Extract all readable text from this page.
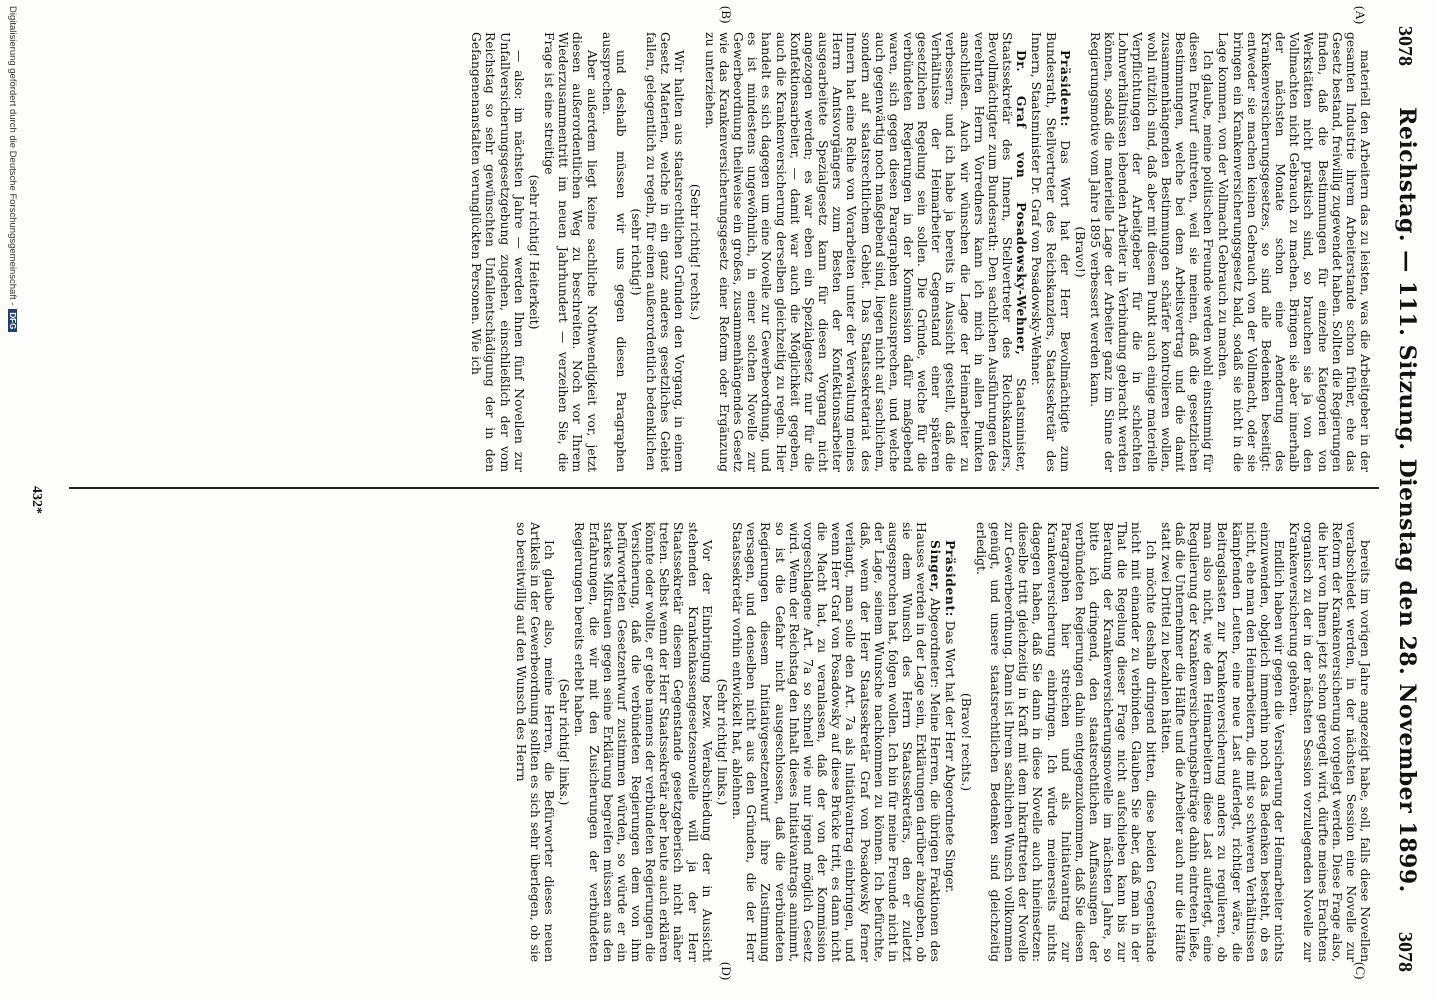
3078
Reichstag. — 111. Sitzung. Dienstag den 28. November 1899.
3078
(A)
(B)
(C)
(D)

materiell den Arbeitern das zu leisten, was die Arbeitgeber in der gesamten Industrie ihrem Arbeiterstande schon früher, ehe das Gesetz bestand, freiwillig zugewendet haben. Sollten die Regierungen finden, daß die Bestimmungen für einzelne Kategorien von Werkstätten nicht praktisch sind, so brauchen sie ja von den Vollmachten nicht Gebrauch zu machen. Bringen sie aber innerhalb der nächsten Monate schon eine Aenderung des Krankenversicherungsgesetzes, so sind alle Bedenken beseitigt: entweder sie machen keinen Gebrauch von der Vollmacht, oder sie bringen ein Krankenversicherungsgesetz bald, sodaß sie nicht in die Lage kommen, von der Vollmacht Gebrauch zu machen.

Ich glaube, meine politischen Freunde werden wohl einstimmig für diesen Entwurf eintreten, weil sie meinen, daß die gesetzlichen Bestimmungen, welche bei dem Arbeitsvertrag und die damit zusammenhängenden Bestimmungen schärfer kontrolieren wollen, wohl nützlich sind, daß aber mit diesem Punkt auch einige materielle Verpflichtungen der Arbeitgeber für die in schlechten Lohnverhältnissen lebenden Arbeiter in Verbindung gebracht werden können, sodaß die materielle Lage der Arbeiter ganz im Sinne der Regierungsmotive vom Jahre 1895 verbessert werden kann.

(Bravo!)

Präsident: Das Wort hat der Herr Bevollmächtigte zum Bundesrath, Stellvertreter des Reichskanzlers, Staatssekretär des Innern, Staatsminister Dr. Graf von Posadowsky-Wehner.

Dr. Graf von Posadowsky-Wehner, Staatsminister, Staatssekretär des Innern, Stellvertreter des Reichskanzlers, Bevollmächtigter zum Bundesrath: Den sachlichen Ausführungen des verehrten Herrn Vorredners kann ich mich in allen Punkten anschließen. Auch wir wünschen die Lage der Heimarbeiter zu verbessern; und ich habe ja bereits in Aussicht gestellt, daß die Verhältnisse der Heimarbeiter Gegenstand einer späteren gesetzlichen Regelung sein sollen. Die Gründe, welche für die verbündeten Regierungen in der Kommission dafür maßgebend waren, sich gegen diesen Paragraphen auszusprechen, und welche auch gegenwärtig noch maßgebend sind, liegen nicht auf sachlichem, sondern auf staatsrechtlichem Gebiet. Das Staatssekretariat des Innern hat eine Reihe von Vorarbeiten unter der Verwaltung meines Herrn Amtsvorgängers zum Besten der Konfektionsarbeiter ausgearbeitete Spezialgesetz kann für diesen Vorgang nicht angezogen werden; es war eben ein Spezialgesetz nur für die Konfektionsarbeiter, — damit war auch die Möglichkeit gegeben, auch die Krankenversicherung derselben gleichzeitig zu regeln. Hier handelt es sich dagegen um eine Novelle zur Gewerbeordnung, und es ist mindestens ungewöhnlich, in einer solchen Novelle zur Gewerbeordnung theilweise ein großes, zusammenhängendes Gesetz wie das Krankenversicherungsgesetz einer Reform oder Ergänzung zu unterziehen.

(Sehr richtig! rechts.)

Wir halten aus staatsrechtlichen Gründen den Vorgang, in einem Gesetz Materien, welche in ein ganz anderes gesetzliches Gebiet fallen, gelegentlich zu regeln, für einen außerordentlich bedenklichen

(sehr richtig!)

und deshalb müssen wir uns gegen diesen Paragraphen aussprechen.

Aber außerdem liegt keine sachliche Nothwendigkeit vor, jetzt diesen außerordentlichen Weg zu beschreiten. Noch vor Ihrem Wiederzusammentritt im neuen Jahrhundert — verzeihen Sie, die Frage ist eine streitige

(sehr richtig! Heiterkeit)

— also: im nächsten Jahre — werden Ihnen fünf Novellen zur Unfallversicherungsgesetzgebung zugehen, einschließlich der vom Reichstag so sehr gewünschten Unfallentschädigung der in den Gefangenenanstalten verunglückten Personen. Wie ich

bereits im vorigen Jahre angezeigt habe, soll, falls diese Novellen verabschiedet werden, in der nächsten Session eine Novelle zur Reform der Krankenversicherung vorgelegt werden. Diese Frage also, die hier von Ihnen jetzt schon geregelt wird, dürfte meines Erachtens organisch zu der in der nächsten Session vorzulegenden Novelle zur Krankenversicherung gehören.

Endlich haben wir gegen die Versicherung der Heimarbeiter nichts einzuwenden, obgleich immerhin noch das Bedenken besteht, ob es nicht, ehe man den Heimarbeitern, die mit so schweren Verhältnissen kämpfenden Leuten, eine neue Last auferlegt, richtiger wäre, die Beitragslasten zur Krankenversicherung anders zu regulieren, ob man also nicht, wie den Heimarbeitern diese Last auferlegt, eine Regulierung der Krankenversicherungsbeiträge dahin eintreten ließe, daß die Unternehmer die Hälfte und die Arbeiter auch nur die Hälfte statt zwei Drittel zu bezahlen hätten.

Ich möchte deshalb dringend bitten, diese beiden Gegenstände nicht mit einander zu verbinden. Glauben Sie aber, daß man in der That die Regelung dieser Frage nicht aufschieben kann bis zur Beratung der Krankenversicherungsnovelle im nächsten Jahre, so bitte ich dringend, den staatsrechtlichen Auffassungen der verbündeten Regierungen dahin entgegenzukommen, daß Sie diesen Paragraphen hier streichen und als Initiativantrag zur Krankenversicherung einbringen. Ich würde meinerseits nichts dagegen haben, daß Sie dann in diese Novelle auch hineinsetzen: dieselbe tritt gleichzeitig in Kraft mit dem Inkrafttreten der Novelle zur Gewerbeordnung. Dann ist Ihrem sachlichen Wunsch vollkommen genügt, und unsere staatsrechtlichen Bedenken sind gleichzeitig erledigt.

(Bravo! rechts.)

Präsident: Das Wort hat der Herr Abgeordnete Singer.

Singer, Abgeordneter: Meine Herren, die übrigen Fraktionen des Hauses werden in der Lage sein, Erklärungen darüber abzugeben, ob sie dem Wunsch des Herrn Staatssekretärs, den er zuletzt ausgesprochen hat, folgen wollen. Ich bin für meine Freunde nicht in der Lage, seinem Wunsche nachkommen zu können. Ich befürchte, daß, wenn der Herr Staatssekretär Graf von Posadowsky ferner verlangt, man solle den Art. 7a als Initiativantrag einbringen, und wenn Herr Graf von Posadowsky auf diese Brücke tritt, es dann nicht die Macht hat, zu veranlassen, daß der von der Kommission vorgeschlagene Art. 7a so schnell wie nur irgend möglich Gesetz wird. Wenn der Reichstag den Inhalt dieses Initiativantrags annimmt, so ist die Gefahr nicht ausgeschlossen, daß die verbündeten Regierungen diesem Initiativgesetzentwurf ihre Zustimmung versagen, und denselben nicht aus den Gründen, die der Herr Staatssekretär vorhin entwickelt hat, ablehnen.

(Sehr richtig! links.)

Vor der Einbringung bezw. Verabschiedung der in Aussicht stehenden Krankenkassengesetzesnovelle will ja der Herr Staatssekretär diesem Gegenstande gesetzgeberisch nicht näher treten. Selbst wenn der Herr Staatssekretär aber heute auch erklären könnte oder wollte, er gebe namens der verbündeten Regierungen die Versicherung, daß die verbündeten Regierungen dem von ihm befürworteten Gesetzentwurf zustimmen würden, so würde er ein starkes Mißtrauen gegen seine Erklärung begreifen müssen aus den Erfahrungen, die wir mit den Zusicherungen der verbündeten Regierungen bereits erlebt haben.

(Sehr richtig! links.)

Ich glaube also, meine Herren, die Befürworter dieses neuen Artikels in der Gewerbeordnung sollten es sich sehr überlegen, ob sie so bereitwillig auf den Wunsch des Herrn

432*
Digitalisierung gefördert durch die Deutsche Forschungsgemeinschaft -DFG
